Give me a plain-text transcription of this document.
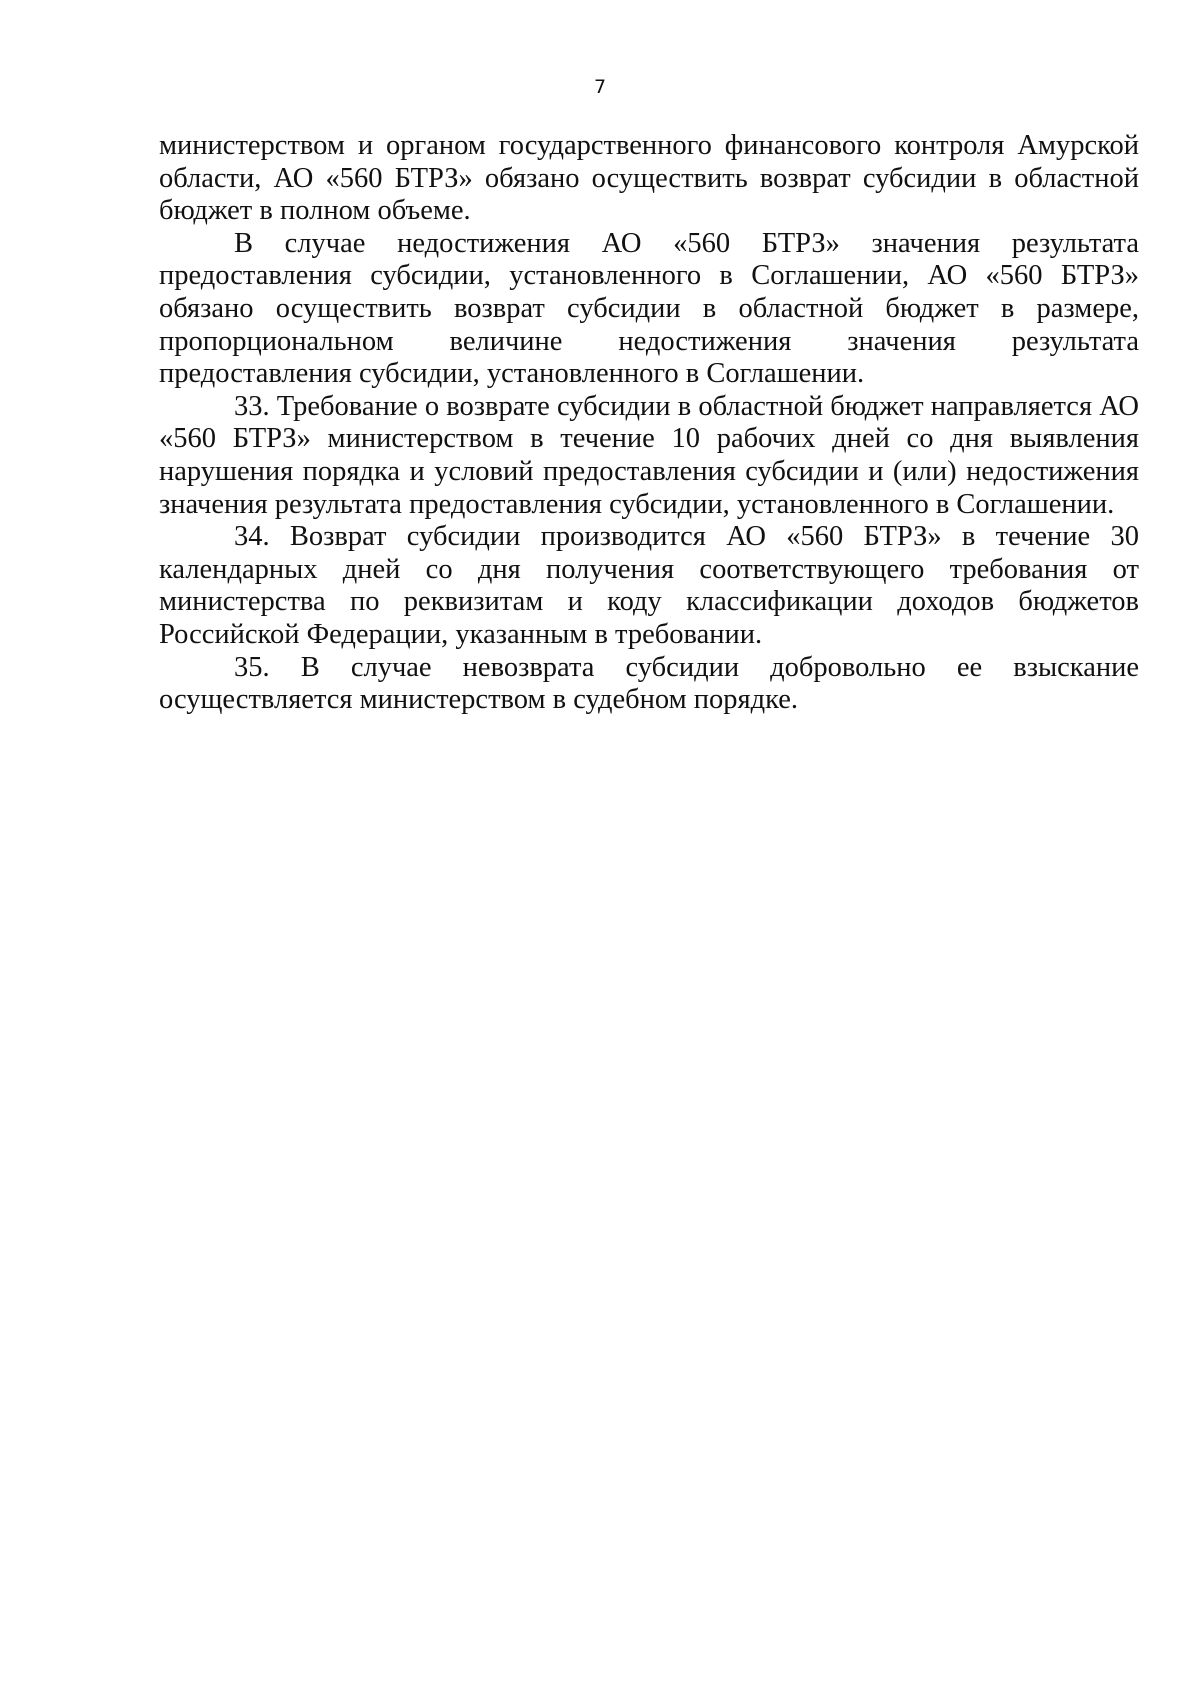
7

министерством и органом государственного финансового контроля Амурской области, АО «560 БТРЗ» обязано осуществить возврат субсидии в областной бюджет в полном объеме.

В случае недостижения АО «560 БТРЗ» значения результата предоставления субсидии, установленного в Соглашении, АО «560 БТРЗ» обязано осуществить возврат субсидии в областной бюджет в размере, пропорциональном величине недостижения значения результата предоставления субсидии, установленного в Соглашении.

33. Требование о возврате субсидии в областной бюджет направляется АО «560 БТРЗ» министерством в течение 10 рабочих дней со дня выявления нарушения порядка и условий предоставления субсидии и (или) недостижения значения результата предоставления субсидии, установленного в Соглашении.

34. Возврат субсидии производится АО «560 БТРЗ» в течение 30 календарных дней со дня получения соответствующего требования от министерства по реквизитам и коду классификации доходов бюджетов Российской Федерации, указанным в требовании.

35. В случае невозврата субсидии добровольно ее взыскание осуществляется министерством в судебном порядке.
